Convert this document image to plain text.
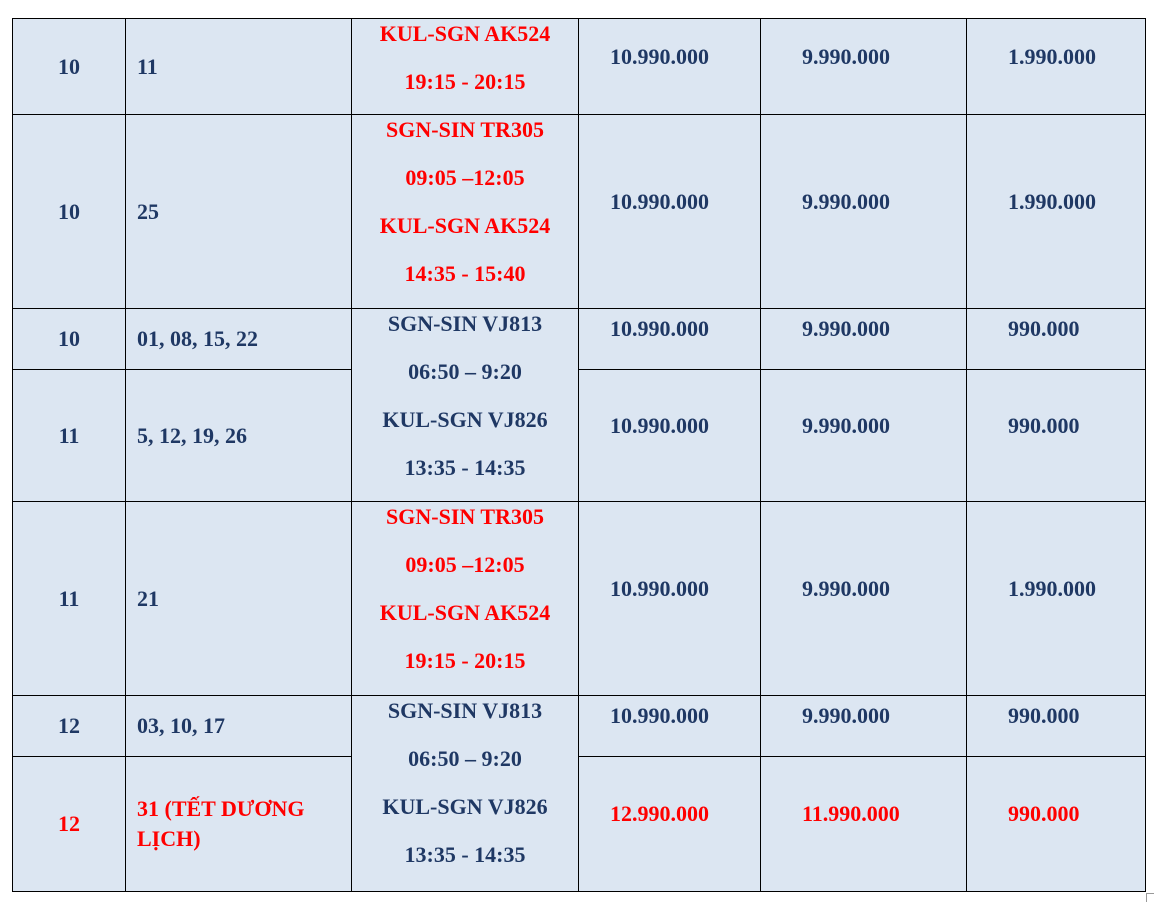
10	11	KUL-SGN AK524
19:15 - 20:15	10.990.000	9.990.000	1.990.000
10	25	SGN-SIN TR305
09:05 –12:05
KUL-SGN AK524
14:35 - 15:40	10.990.000	9.990.000	1.990.000
10	01, 08, 15, 22	SGN-SIN VJ813
06:50 – 9:20
KUL-SGN VJ826
13:35 - 14:35	10.990.000	9.990.000	990.000
11	5, 12, 19, 26		10.990.000	9.990.000	990.000
11	21	SGN-SIN TR305
09:05 –12:05
KUL-SGN AK524
19:15 - 20:15	10.990.000	9.990.000	1.990.000
12	03, 10, 17	SGN-SIN VJ813
06:50 – 9:20
KUL-SGN VJ826
13:35 - 14:35	10.990.000	9.990.000	990.000
12	31 (TẾT DƯƠNG LỊCH)		12.990.000	11.990.000	990.000
